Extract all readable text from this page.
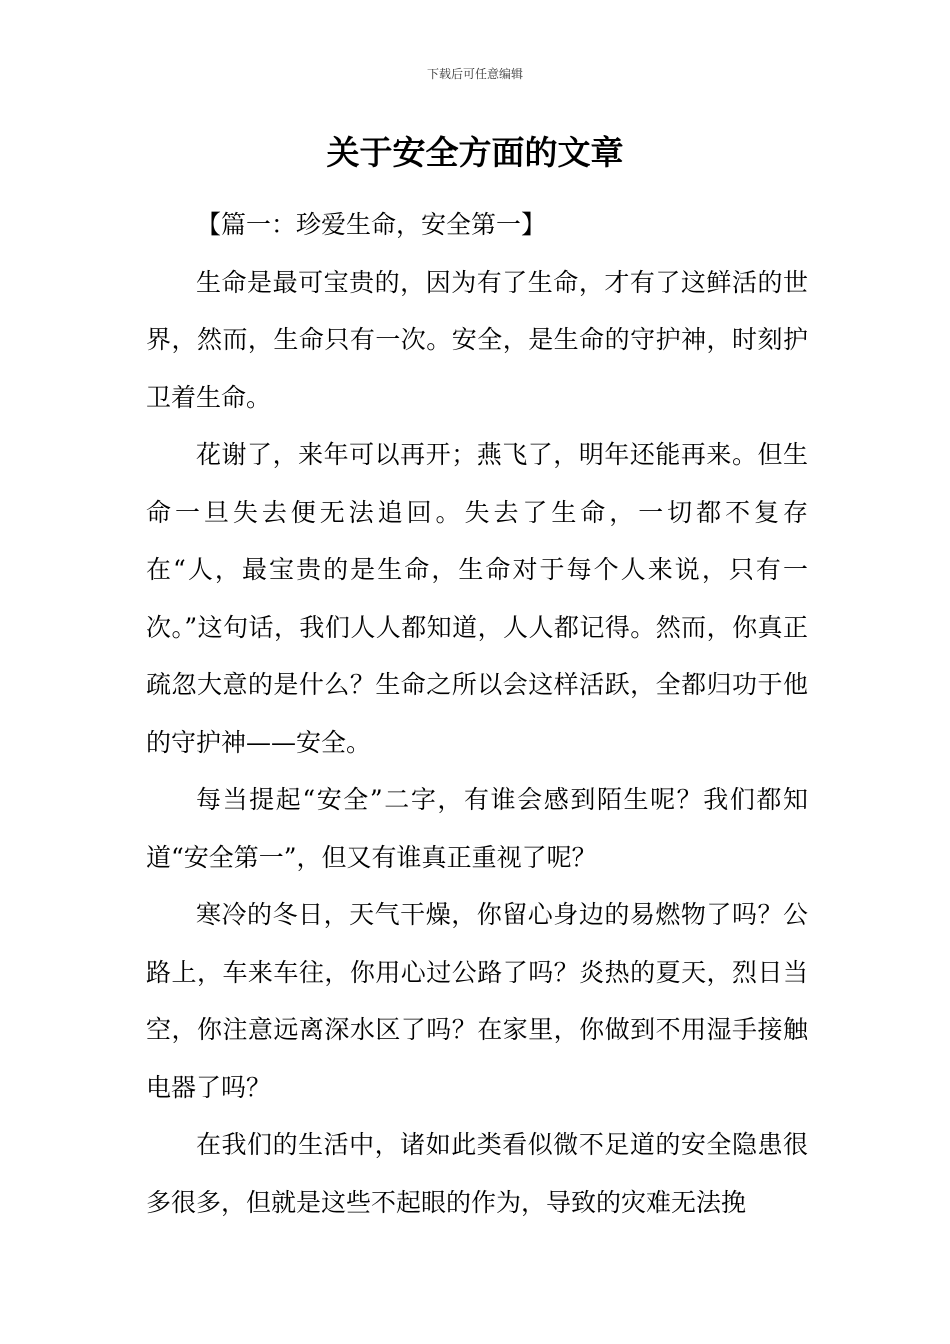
下载后可任意编辑
关于安全方面的文章

【篇一：珍爱生命，安全第一】

生命是最可宝贵的，因为有了生命，才有了这鲜活的世界，然而，生命只有一次。安全，是生命的守护神，时刻护卫着生命。

花谢了，来年可以再开；燕飞了，明年还能再来。但生命一旦失去便无法追回。失去了生命，一切都不复存在“人，最宝贵的是生命，生命对于每个人来说，只有一次。”这句话，我们人人都知道，人人都记得。然而，你真正疏忽大意的是什么？生命之所以会这样活跃，全都归功于他的守护神——安全。

每当提起“安全”二字，有谁会感到陌生呢？我们都知道“安全第一”，但又有谁真正重视了呢？

寒冷的冬日，天气干燥，你留心身边的易燃物了吗？公路上，车来车往，你用心过公路了吗？炎热的夏天，烈日当空，你注意远离深水区了吗？在家里，你做到不用湿手接触电器了吗？

在我们的生活中，诸如此类看似微不足道的安全隐患很多很多，但就是这些不起眼的作为，导致的灾难无法挽
